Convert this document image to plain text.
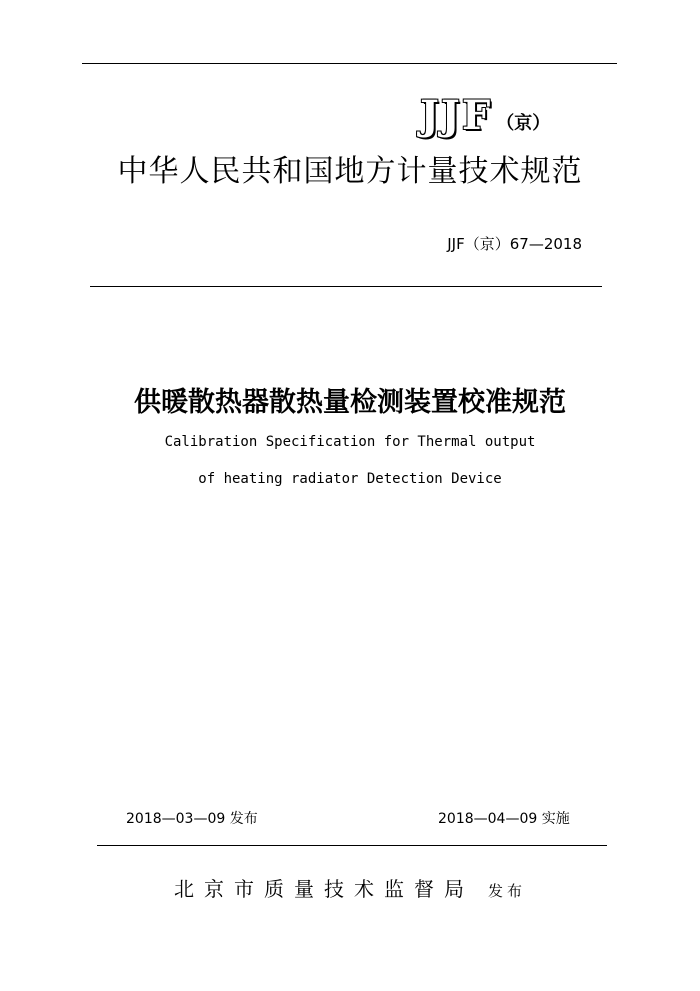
JJF （京）
中华人民共和国地方计量技术规范
JJF（京）67—2018
供暖散热器散热量检测装置校准规范
Calibration Specification for Thermal output
of heating radiator Detection Device
2018—03—09 发布	2018—04—09 实施
北京市质量技术监督局 发布
